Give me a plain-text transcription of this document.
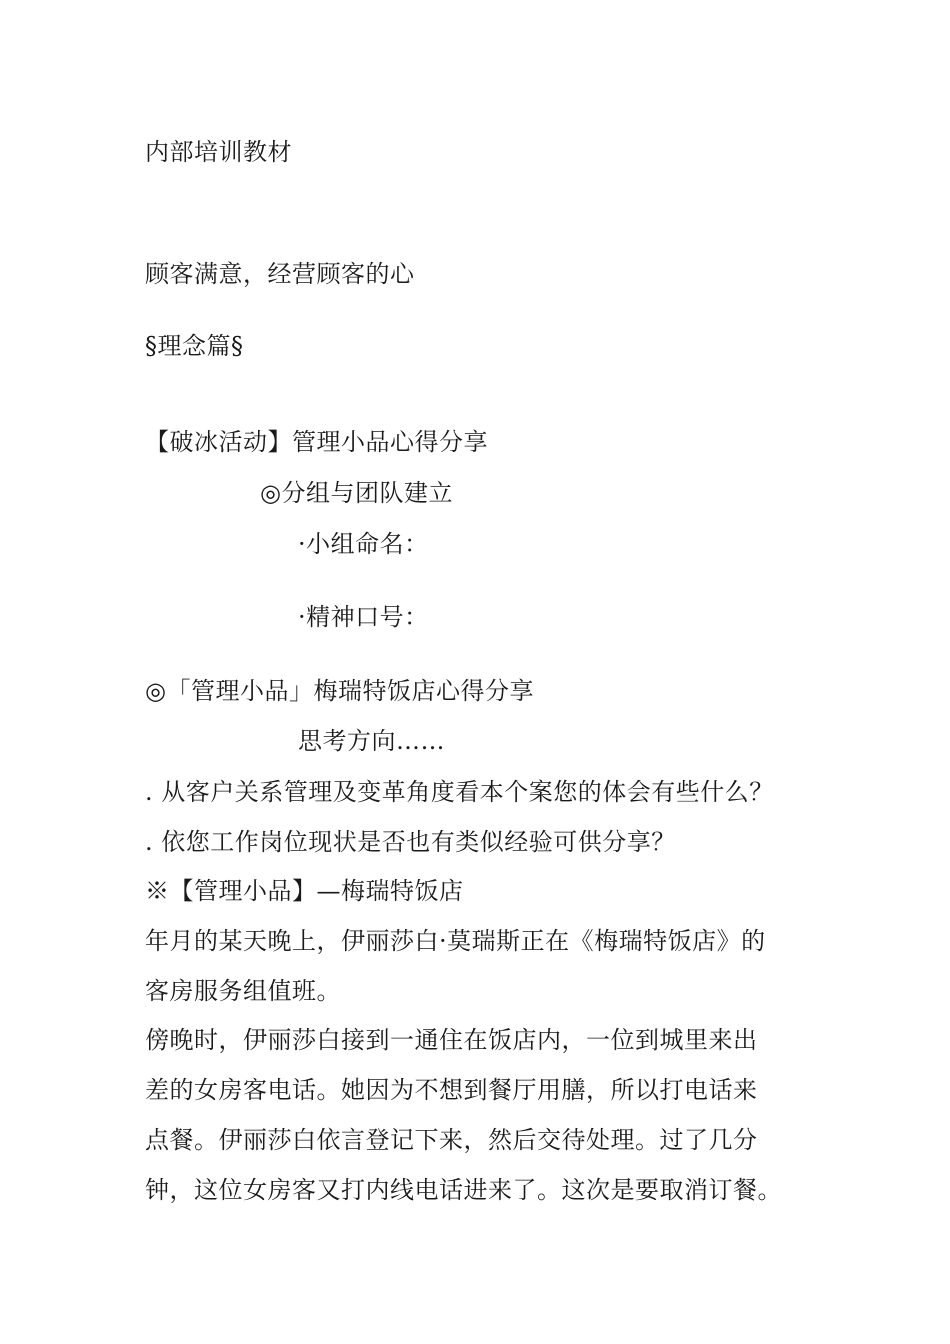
内部培训教材
顾客满意，经营顾客的心
§理念篇§
【破冰活动】管理小品心得分享
◎分组与团队建立
·小组命名：
·精神口号：
◎「管理小品」梅瑞特饭店心得分享
思考方向……
. 从客户关系管理及变革角度看本个案您的体会有些什么？
. 依您工作岗位现状是否也有类似经验可供分享？
※【管理小品】—梅瑞特饭店
年月的某天晚上，伊丽莎白·莫瑞斯正在《梅瑞特饭店》的
客房服务组值班。
傍晚时，伊丽莎白接到一通住在饭店内，一位到城里来出
差的女房客电话。她因为不想到餐厅用膳，所以打电话来
点餐。伊丽莎白依言登记下来，然后交待处理。过了几分
钟，这位女房客又打内线电话进来了。这次是要取消订餐。
